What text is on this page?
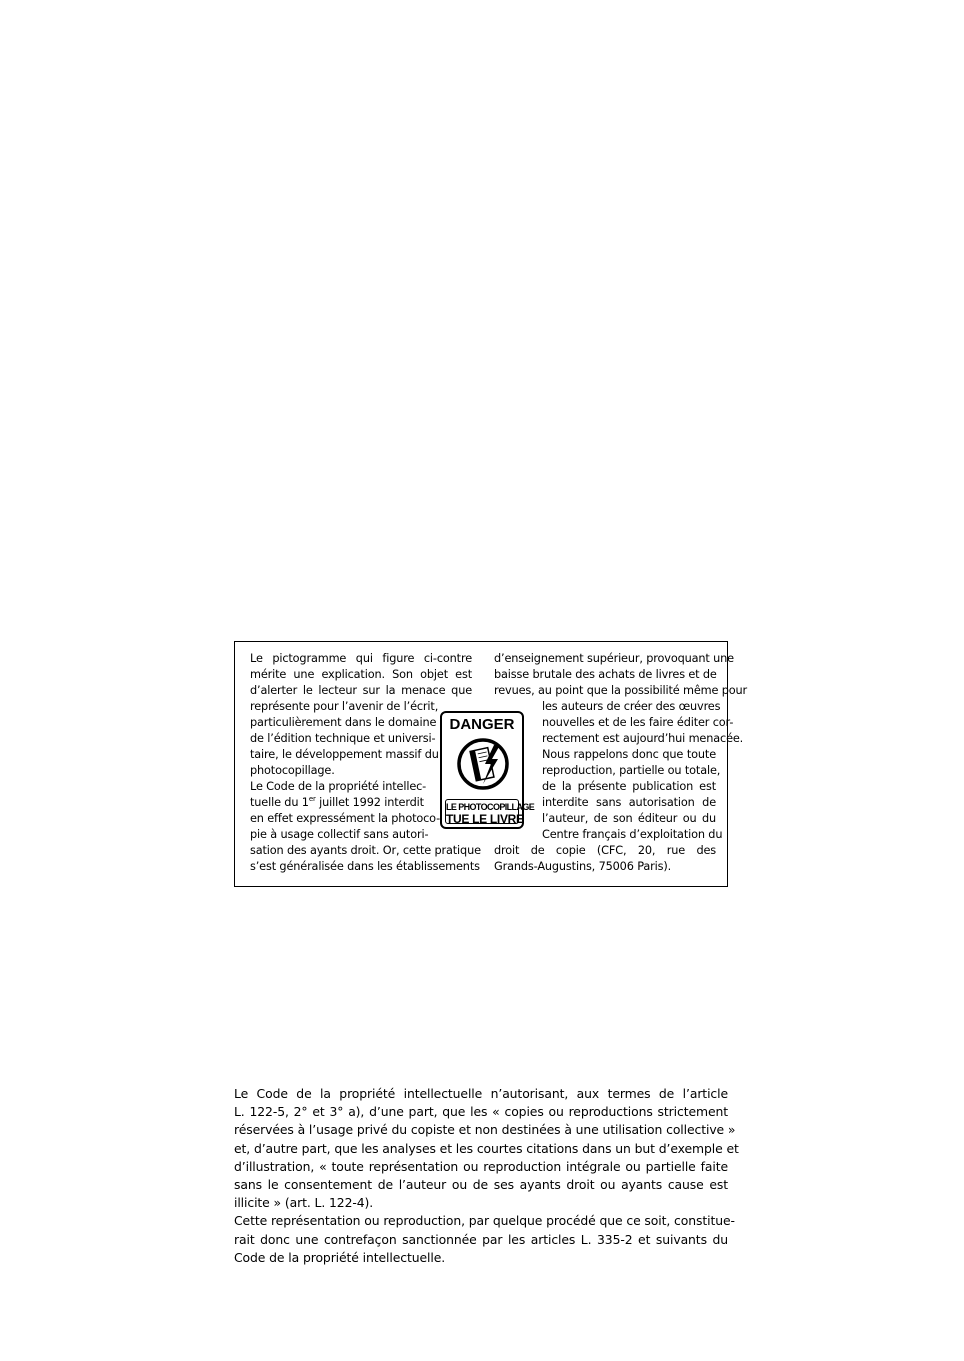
Le pictogramme qui figure ci-contre
mérite une explication. Son objet est
d’alerter le lecteur sur la menace que
représente pour l’avenir de l’écrit,
particulièrement dans le domaine
de l’édition technique et universi-
taire, le développement massif du
photocopillage.
Le Code de la propriété intellec-
tuelle du 1er juillet 1992 interdit
en effet expressément la photoco-
pie à usage collectif sans autori-
sation des ayants droit. Or, cette pratique
s’est généralisée dans les établissements
d’enseignement supérieur, provoquant une
baisse brutale des achats de livres et de
revues, au point que la possibilité même pour
les auteurs de créer des œuvres
nouvelles et de les faire éditer cor-
rectement est aujourd’hui menacée.
Nous rappelons donc que toute
reproduction, partielle ou totale,
de la présente publication est
interdite sans autorisation de
l’auteur, de son éditeur ou du
Centre français d’exploitation du
droit de copie (CFC, 20, rue des
Grands-Augustins, 75006 Paris).
DANGER
LE PHOTOCOPILLAGE
TUE LE LIVRE
Le Code de la propriété intellectuelle n’autorisant, aux termes de l’article
L. 122-5, 2° et 3° a), d’une part, que les « copies ou reproductions strictement
réservées à l’usage privé du copiste et non destinées à une utilisation collective »
et, d’autre part, que les analyses et les courtes citations dans un but d’exemple et
d’illustration, « toute représentation ou reproduction intégrale ou partielle faite
sans le consentement de l’auteur ou de ses ayants droit ou ayants cause est
illicite » (art. L. 122-4).
Cette représentation ou reproduction, par quelque procédé que ce soit, constitue-
rait donc une contrefaçon sanctionnée par les articles L. 335-2 et suivants du
Code de la propriété intellectuelle.
